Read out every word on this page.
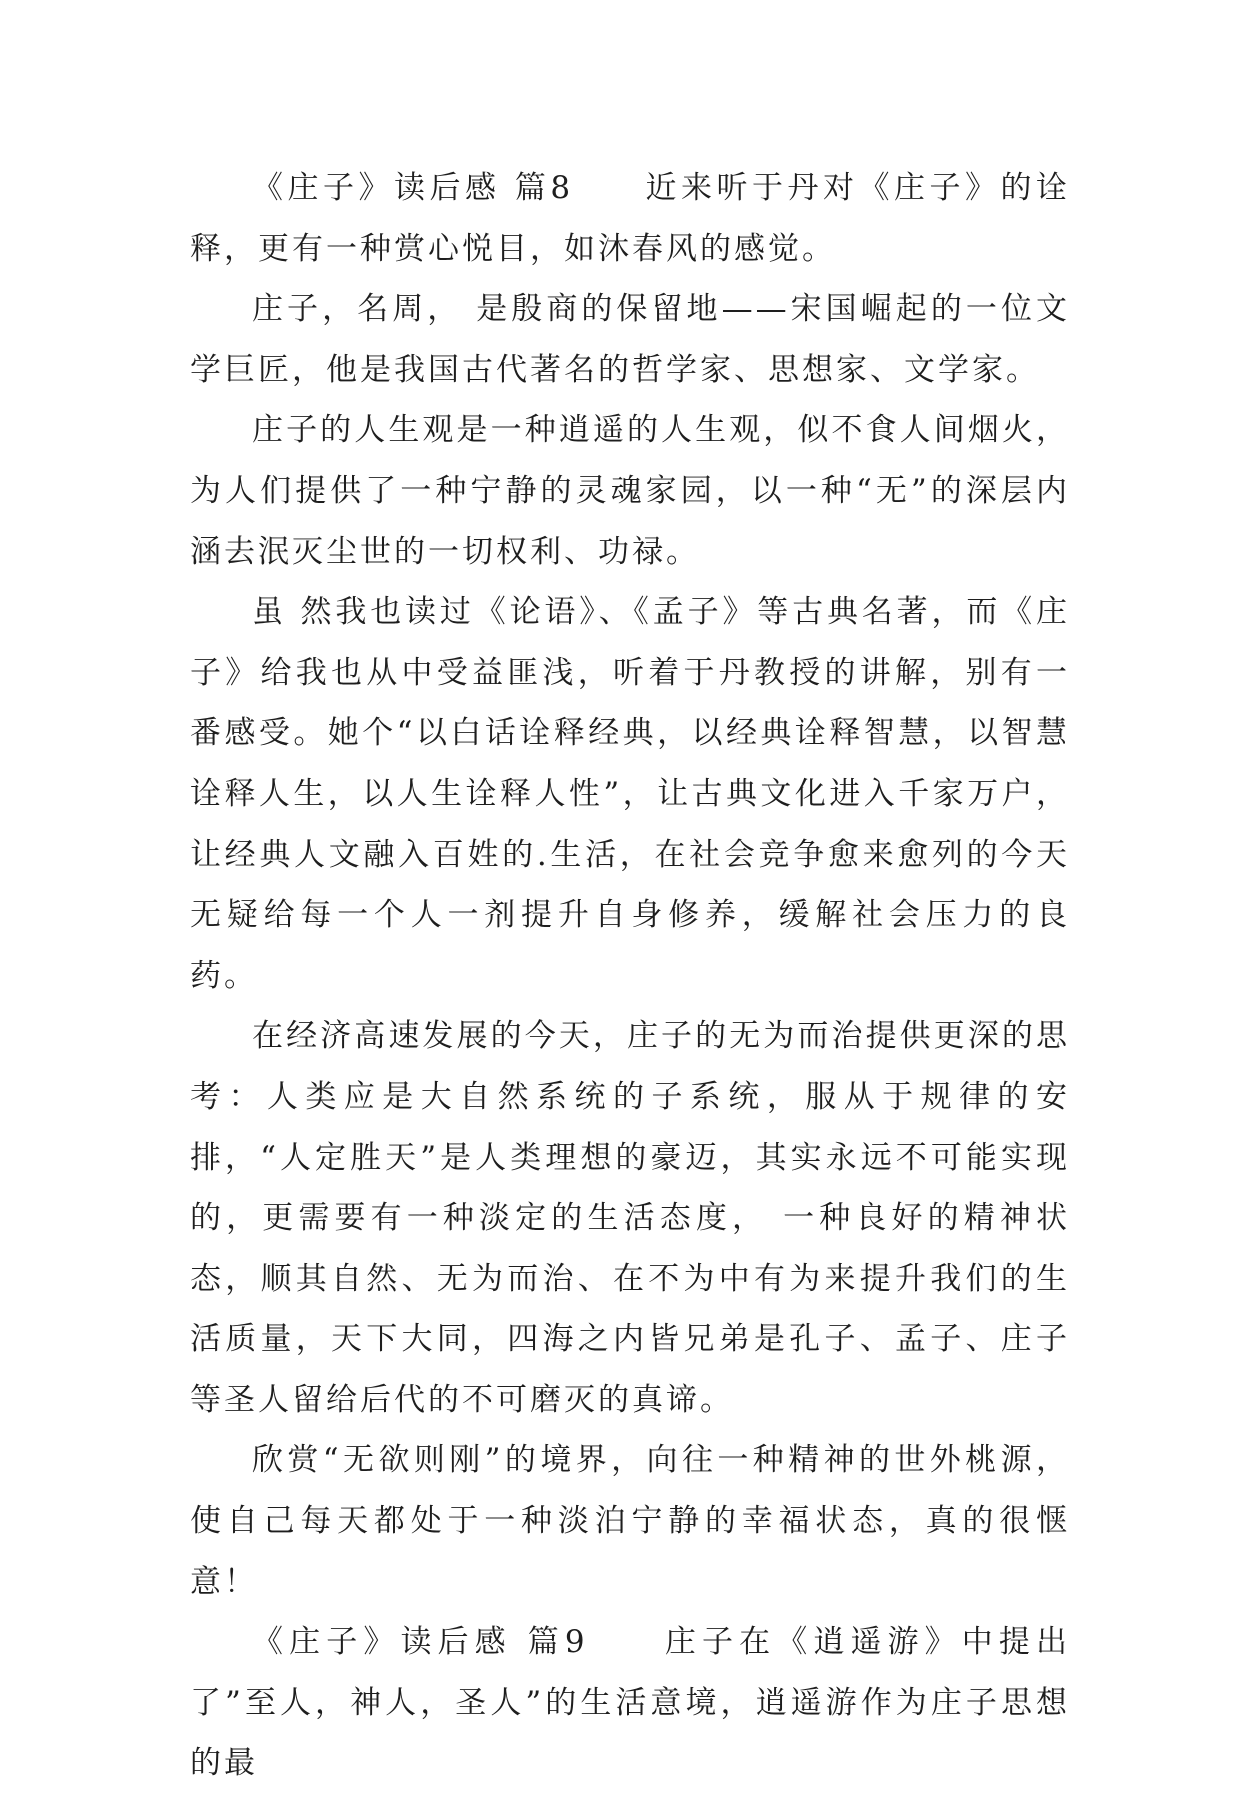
《庄子》读后感 篇8　　近来听于丹对《庄子》的诠释，更有一种赏心悦目，如沐春风的感觉。

庄子，名周， 是殷商的保留地——宋国崛起的一位文学巨匠，他是我国古代著名的哲学家、思想家、文学家。

庄子的人生观是一种逍遥的人生观，似不食人间烟火，为人们提供了一种宁静的灵魂家园，以一种“无”的深层内涵去泯灭尘世的一切权利、功禄。

虽 然我也读过《论语》、《孟子》等古典名著，而《庄子》给我也从中受益匪浅，听着于丹教授的讲解，别有一番感受。她个“以白话诠释经典，以经典诠释智慧，以智慧诠释人生，以人生诠释人性”，让古典文化进入千家万户，让经典人文融入百姓的.生活，在社会竞争愈来愈列的今天无疑给每一个人一剂提升自身修养，缓解社会压力的良药。

在经济高速发展的今天，庄子的无为而治提供更深的思考：人类应是大自然系统的子系统，服从于规律的安排，“人定胜天”是人类理想的豪迈，其实永远不可能实现的，更需要有一种淡定的生活态度， 一种良好的精神状态，顺其自然、无为而治、在不为中有为来提升我们的生活质量，天下大同，四海之内皆兄弟是孔子、孟子、庄子等圣人留给后代的不可磨灭的真谛。

欣赏“无欲则刚”的境界，向往一种精神的世外桃源，使自己每天都处于一种淡泊宁静的幸福状态，真的很惬意！

《庄子》读后感 篇9　　庄子在《逍遥游》中提出了”至人，神人，圣人”的生活意境，逍遥游作为庄子思想的最
